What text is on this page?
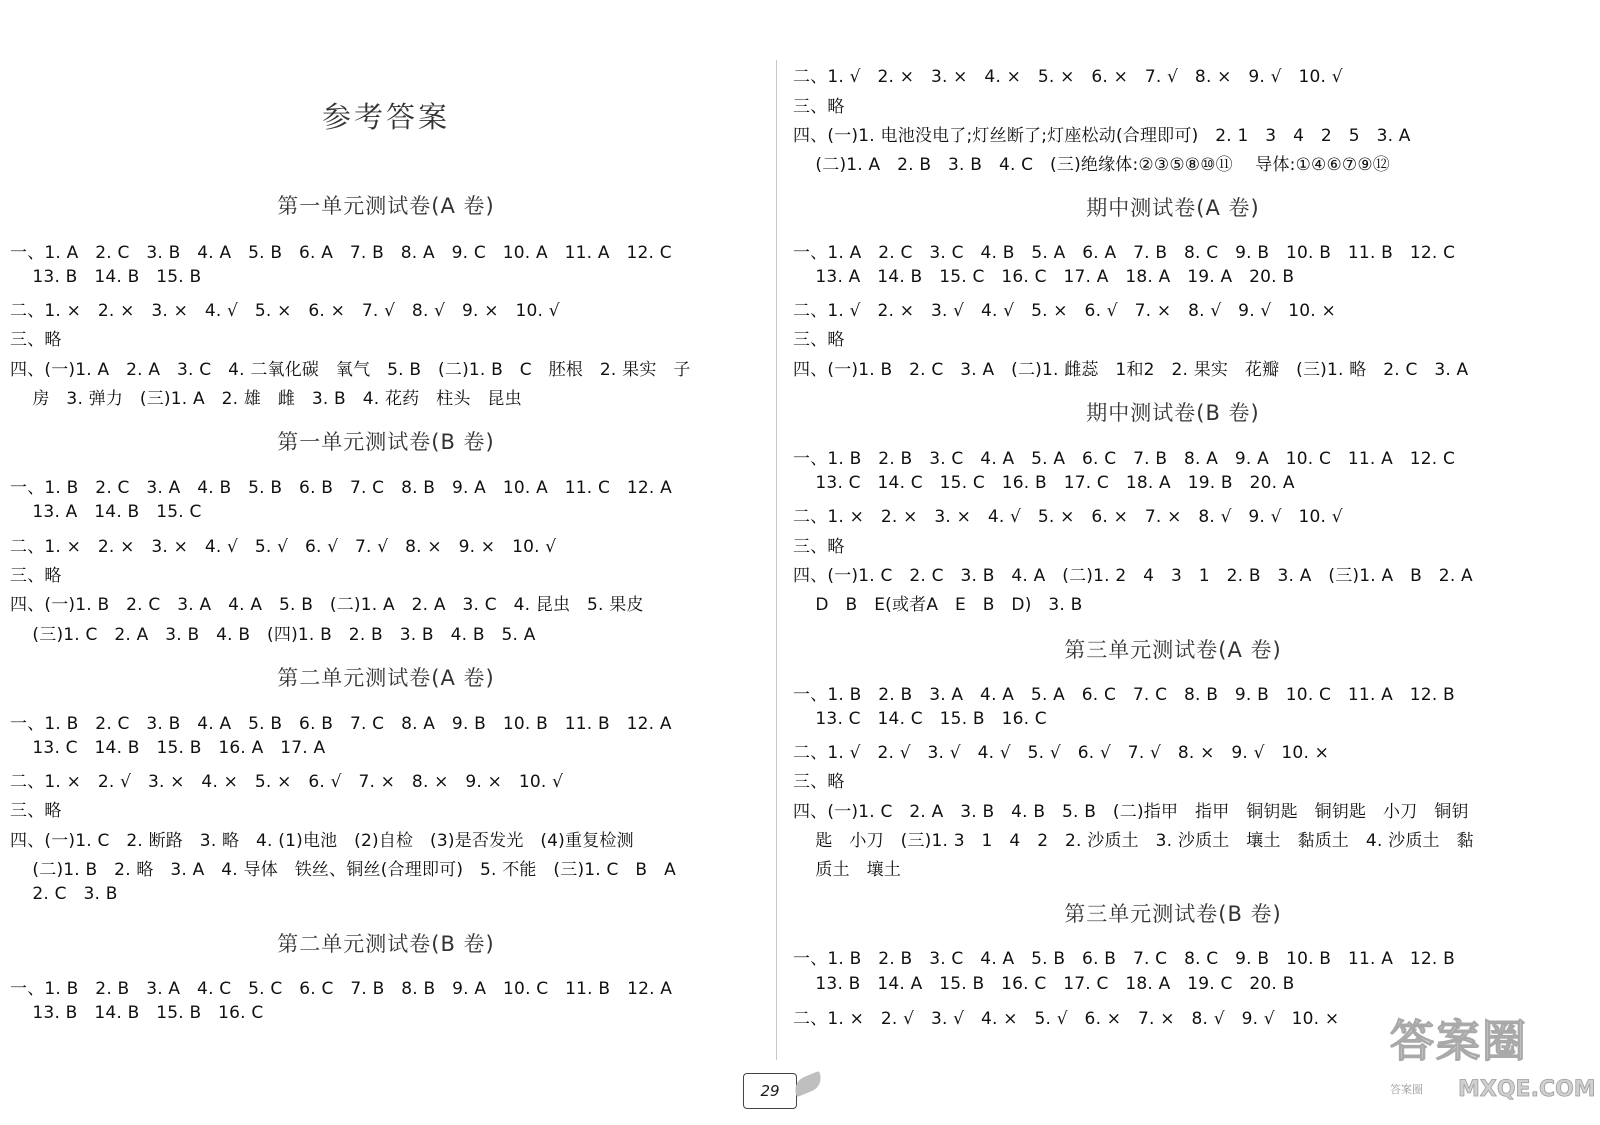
参考答案
第一单元测试卷(A 卷)
一、1. A   2. C   3. B   4. A   5. B   6. A   7. B   8. A   9. C   10. A   11. A   12. C
13. B   14. B   15. B
二、1. ×   2. ×   3. ×   4. √   5. ×   6. ×   7. √   8. √   9. ×   10. √
三、略
四、(一)1. A   2. A   3. C   4. 二氧化碳   氧气   5. B   (二)1. B   C   胚根   2. 果实   子
房   3. 弹力   (三)1. A   2. 雄   雌   3. B   4. 花药   柱头   昆虫
第一单元测试卷(B 卷)
一、1. B   2. C   3. A   4. B   5. B   6. B   7. C   8. B   9. A   10. A   11. C   12. A
13. A   14. B   15. C
二、1. ×   2. ×   3. ×   4. √   5. √   6. √   7. √   8. ×   9. ×   10. √
三、略
四、(一)1. B   2. C   3. A   4. A   5. B   (二)1. A   2. A   3. C   4. 昆虫   5. 果皮
(三)1. C   2. A   3. B   4. B   (四)1. B   2. B   3. B   4. B   5. A
第二单元测试卷(A 卷)
一、1. B   2. C   3. B   4. A   5. B   6. B   7. C   8. A   9. B   10. B   11. B   12. A
13. C   14. B   15. B   16. A   17. A
二、1. ×   2. √   3. ×   4. ×   5. ×   6. √   7. ×   8. ×   9. ×   10. √
三、略
四、(一)1. C   2. 断路   3. 略   4. (1)电池   (2)自检   (3)是否发光   (4)重复检测
(二)1. B   2. 略   3. A   4. 导体   铁丝、铜丝(合理即可)   5. 不能   (三)1. C   B   A
2. C   3. B
第二单元测试卷(B 卷)
一、1. B   2. B   3. A   4. C   5. C   6. C   7. B   8. B   9. A   10. C   11. B   12. A
13. B   14. B   15. B   16. C
二、1. √   2. ×   3. ×   4. ×   5. ×   6. ×   7. √   8. ×   9. √   10. √
三、略
四、(一)1. 电池没电了;灯丝断了;灯座松动(合理即可)   2. 1   3   4   2   5   3. A
(二)1. A   2. B   3. B   4. C   (三)绝缘体:②③⑤⑧⑩⑪    导体:①④⑥⑦⑨⑫
期中测试卷(A 卷)
一、1. A   2. C   3. C   4. B   5. A   6. A   7. B   8. C   9. B   10. B   11. B   12. C
13. A   14. B   15. C   16. C   17. A   18. A   19. A   20. B
二、1. √   2. ×   3. √   4. √   5. ×   6. √   7. ×   8. √   9. √   10. ×
三、略
四、(一)1. B   2. C   3. A   (二)1. 雌蕊   1和2   2. 果实   花瓣   (三)1. 略   2. C   3. A
期中测试卷(B 卷)
一、1. B   2. B   3. C   4. A   5. A   6. C   7. B   8. A   9. A   10. C   11. A   12. C
13. C   14. C   15. C   16. B   17. C   18. A   19. B   20. A
二、1. ×   2. ×   3. ×   4. √   5. ×   6. ×   7. ×   8. √   9. √   10. √
三、略
四、(一)1. C   2. C   3. B   4. A   (二)1. 2   4   3   1   2. B   3. A   (三)1. A   B   2. A
D   B   E(或者A   E   B   D)   3. B
第三单元测试卷(A 卷)
一、1. B   2. B   3. A   4. A   5. A   6. C   7. C   8. B   9. B   10. C   11. A   12. B
13. C   14. C   15. B   16. C
二、1. √   2. √   3. √   4. √   5. √   6. √   7. √   8. ×   9. √   10. ×
三、略
四、(一)1. C   2. A   3. B   4. B   5. B   (二)指甲   指甲   铜钥匙   铜钥匙   小刀   铜钥
匙   小刀   (三)1. 3   1   4   2   2. 沙质土   3. 沙质土   壤土   黏质土   4. 沙质土   黏
质土   壤土
第三单元测试卷(B 卷)
一、1. B   2. B   3. C   4. A   5. B   6. B   7. C   8. C   9. B   10. B   11. A   12. B
13. B   14. A   15. B   16. C   17. C   18. A   19. C   20. B
二、1. ×   2. √   3. √   4. ×   5. √   6. ×   7. ×   8. √   9. √   10. ×
29
答案圈
答案圈 MXQE.COM
